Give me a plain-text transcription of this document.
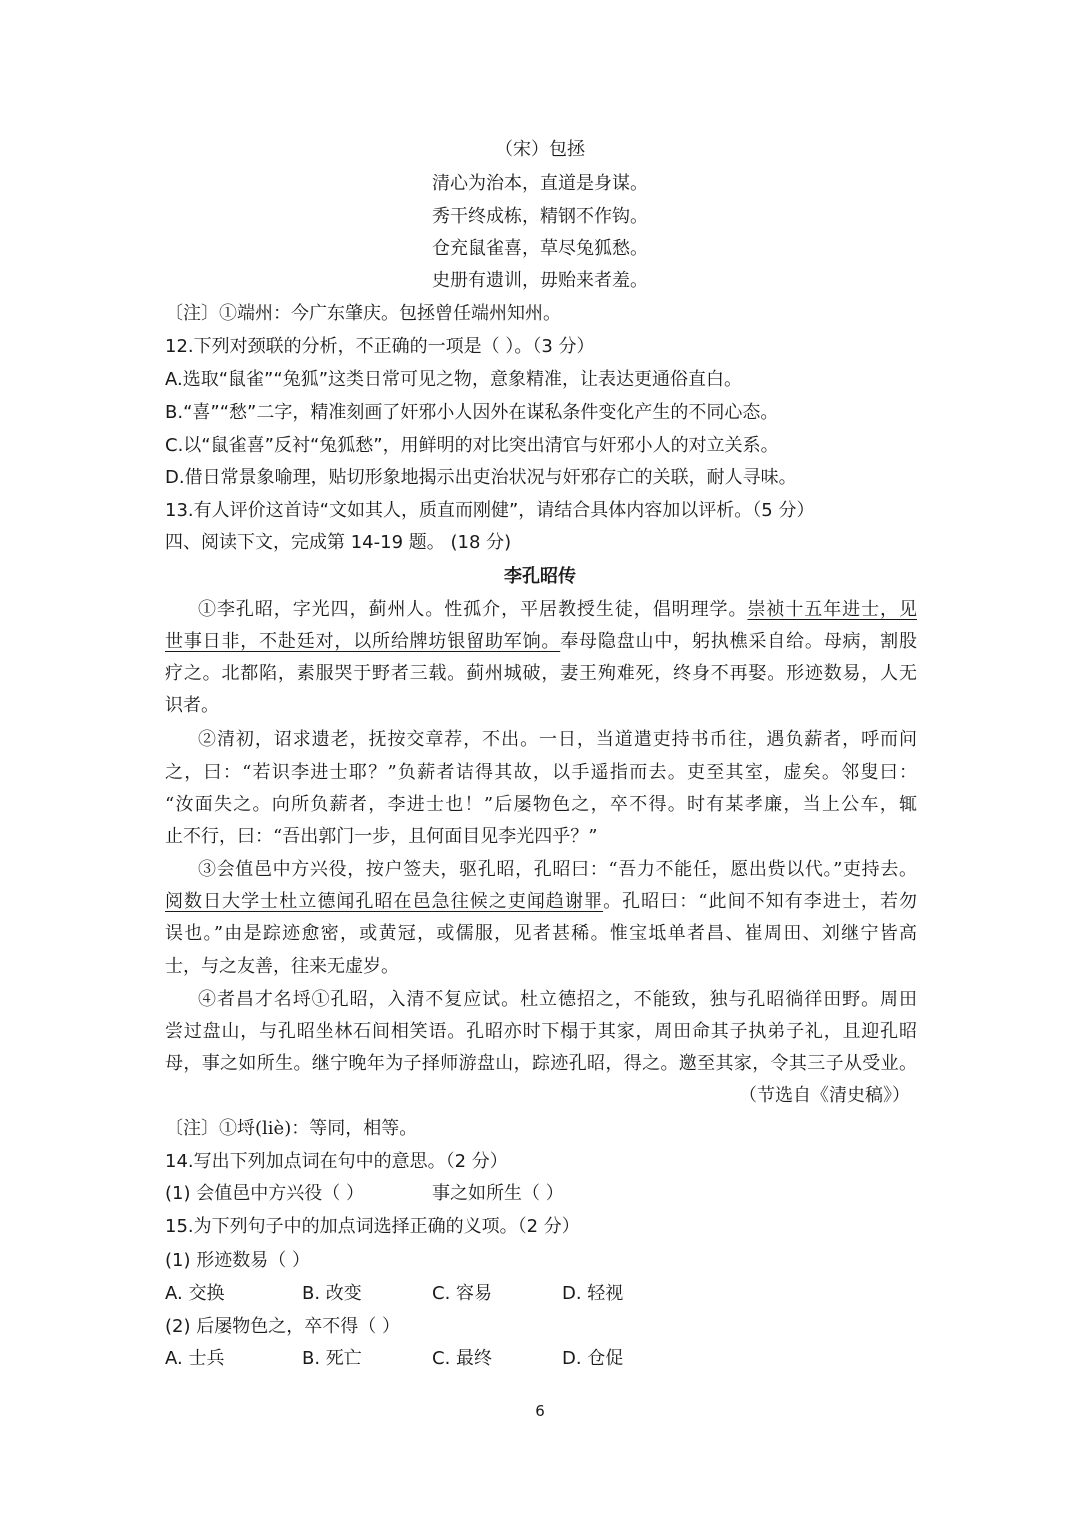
（宋）包拯
清心为治本，直道是身谋。
秀干终成栋，精钢不作钩。
仓充鼠雀喜，草尽兔狐愁。
史册有遗训，毋贻来者羞。
〔注〕①端州：今广东肇庆。包拯曾任端州知州。
12.下列对颈联的分析，不正确的一项是（ ）。（3 分）
A.选取“鼠雀”“兔狐”这类日常可见之物，意象精准，让表达更通俗直白。
B.“喜”“愁”二字，精准刻画了奸邪小人因外在谋私条件变化产生的不同心态。
C.以“鼠雀喜”反衬“兔狐愁”，用鲜明的对比突出清官与奸邪小人的对立关系。
D.借日常景象喻理，贴切形象地揭示出吏治状况与奸邪存亡的关联，耐人寻味。
13.有人评价这首诗“文如其人，质直而刚健”，请结合具体内容加以评析。（5 分）
四、阅读下文，完成第 14-19 题。 (18 分)
李孔昭传
①李孔昭，字光四，蓟州人。性孤介，平居教授生徒，倡明理学。崇祯十五年进士，见
世事日非，不赴廷对，以所给牌坊银留助军饷。奉母隐盘山中，躬执樵采自给。母病，割股
疗之。北都陷，素服哭于野者三载。蓟州城破，妻王殉难死，终身不再娶。形迹数易，人无
识者。
②清初，诏求遗老，抚按交章荐，不出。一日，当道遣吏持书币往，遇负薪者，呼而问
之，曰：“若识李进士耶？”负薪者诘得其故，以手遥指而去。吏至其室，虚矣。邻叟曰：
“汝面失之。向所负薪者，李进士也！”后屡物色之，卒不得。时有某孝廉，当上公车，辄
止不行，曰：“吾出郭门一步，且何面目见李光四乎？”
③会值邑中方兴役，按户签夫，驱孔昭，孔昭曰：“吾力不能任，愿出赀以代。”吏持去。
阅数日大学士杜立德闻孔昭在邑急往候之吏闻趋谢罪。孔昭曰：“此间不知有李进士，若勿
误也。”由是踪迹愈密，或黄冠，或儒服，见者甚稀。惟宝坻单者昌、崔周田、刘继宁皆高
士，与之友善，往来无虚岁。
④者昌才名埒①孔昭，入清不复应试。杜立德招之，不能致，独与孔昭徜徉田野。周田
尝过盘山，与孔昭坐林石间相笑语。孔昭亦时下榻于其家，周田命其子执弟子礼，且迎孔昭
母，事之如所生。继宁晚年为子择师游盘山，踪迹孔昭，得之。邀至其家，令其三子从受业。
（节选自《清史稿》）
〔注〕①埒(liè)：等同，相等。
14.写出下列加点词在句中的意思。（2 分）
(1) 会值邑中方兴役（ ）	事之如所生（ ）
15.为下列句子中的加点词选择正确的义项。（2 分）
(1) 形迹数易（ ）
A. 交换	B. 改变	C. 容易	D. 轻视
(2) 后屡物色之，卒不得（ ）
A. 士兵	B. 死亡	C. 最终	D. 仓促
6
